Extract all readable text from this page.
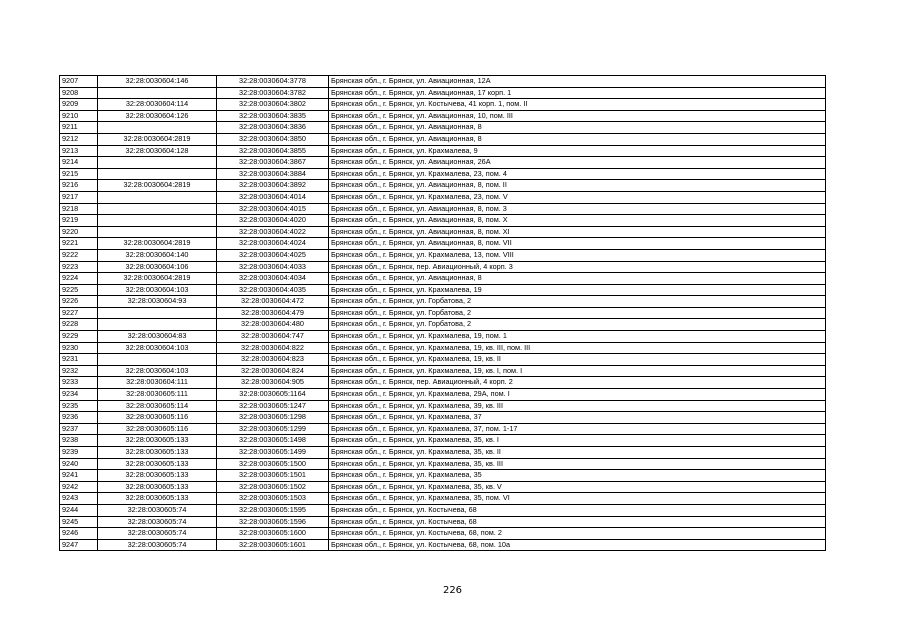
9207	32:28:0030604:146	32:28:0030604:3778	Брянская обл., г. Брянск, ул. Авиационная, 12А
9208		32:28:0030604:3782	Брянская обл., г. Брянск, ул. Авиационная, 17 корп. 1
9209	32:28:0030604:114	32:28:0030604:3802	Брянская обл., г. Брянск, ул. Костычева, 41 корп. 1, пом. II
9210	32:28:0030604:126	32:28:0030604:3835	Брянская обл., г. Брянск, ул. Авиационная, 10, пом. III
9211		32:28:0030604:3836	Брянская обл., г. Брянск, ул. Авиационная, 8
9212	32:28:0030604:2819	32:28:0030604:3850	Брянская обл., г. Брянск, ул. Авиационная, 8
9213	32:28:0030604:128	32:28:0030604:3855	Брянская обл., г. Брянск, ул. Крахмалева, 9
9214		32:28:0030604:3867	Брянская обл., г. Брянск, ул. Авиационная, 26А
9215		32:28:0030604:3884	Брянская обл., г. Брянск, ул. Крахмалева, 23, пом. 4
9216	32:28:0030604:2819	32:28:0030604:3892	Брянская обл., г. Брянск, ул. Авиационная, 8, пом. II
9217		32:28:0030604:4014	Брянская обл., г. Брянск, ул. Крахмалева, 23, пом. V
9218		32:28:0030604:4015	Брянская обл., г. Брянск, ул. Авиационная, 8, пом. 3
9219		32:28:0030604:4020	Брянская обл., г. Брянск, ул. Авиационная, 8, пом. X
9220		32:28:0030604:4022	Брянская обл., г. Брянск, ул. Авиационная, 8, пом. XI
9221	32:28:0030604:2819	32:28:0030604:4024	Брянская обл., г. Брянск, ул. Авиационная, 8, пом. VII
9222	32:28:0030604:140	32:28:0030604:4025	Брянская обл., г. Брянск, ул. Крахмалева, 13, пом. VIII
9223	32:28:0030604:106	32:28:0030604:4033	Брянская обл., г. Брянск, пер. Авиационный, 4 корп. 3
9224	32:28:0030604:2819	32:28:0030604:4034	Брянская обл., г. Брянск, ул. Авиационная, 8
9225	32:28:0030604:103	32:28:0030604:4035	Брянская обл., г. Брянск, ул. Крахмалева, 19
9226	32:28:0030604:93	32:28:0030604:472	Брянская обл., г. Брянск, ул. Горбатова, 2
9227		32:28:0030604:479	Брянская обл., г. Брянск, ул. Горбатова, 2
9228		32:28:0030604:480	Брянская обл., г. Брянск, ул. Горбатова, 2
9229	32:28:0030604:83	32:28:0030604:747	Брянская обл., г. Брянск, ул. Крахмалева, 19, пом. 1
9230	32:28:0030604:103	32:28:0030604:822	Брянская обл., г. Брянск, ул. Крахмалева, 19, кв. III, пом. III
9231		32:28:0030604:823	Брянская обл., г. Брянск, ул. Крахмалева, 19, кв. II
9232	32:28:0030604:103	32:28:0030604:824	Брянская обл., г. Брянск, ул. Крахмалева, 19, кв. I, пом. I
9233	32:28:0030604:111	32:28:0030604:905	Брянская обл., г. Брянск, пер. Авиационный, 4 корп. 2
9234	32:28:0030605:111	32:28:0030605:1164	Брянская обл., г. Брянск, ул. Крахмалева, 29А, пом. I
9235	32:28:0030605:114	32:28:0030605:1247	Брянская обл., г. Брянск, ул. Крахмалева, 39, кв. III
9236	32:28:0030605:116	32:28:0030605:1298	Брянская обл., г. Брянск, ул. Крахмалева, 37
9237	32:28:0030605:116	32:28:0030605:1299	Брянская обл., г. Брянск, ул. Крахмалева, 37, пом. 1-17
9238	32:28:0030605:133	32:28:0030605:1498	Брянская обл., г. Брянск, ул. Крахмалева, 35, кв. I
9239	32:28:0030605:133	32:28:0030605:1499	Брянская обл., г. Брянск, ул. Крахмалева, 35, кв. II
9240	32:28:0030605:133	32:28:0030605:1500	Брянская обл., г. Брянск, ул. Крахмалева, 35, кв. III
9241	32:28:0030605:133	32:28:0030605:1501	Брянская обл., г. Брянск, ул. Крахмалева, 35
9242	32:28:0030605:133	32:28:0030605:1502	Брянская обл., г. Брянск, ул. Крахмалева, 35, кв. V
9243	32:28:0030605:133	32:28:0030605:1503	Брянская обл., г. Брянск, ул. Крахмалева, 35, пом. VI
9244	32:28:0030605:74	32:28:0030605:1595	Брянская обл., г. Брянск, ул. Костычева, 68
9245	32:28:0030605:74	32:28:0030605:1596	Брянская обл., г. Брянск, ул. Костычева, 68
9246	32:28:0030605:74	32:28:0030605:1600	Брянская обл., г. Брянск, ул. Костычева, 68, пом. 2
9247	32:28:0030605:74	32:28:0030605:1601	Брянская обл., г. Брянск, ул. Костычева, 68, пом. 10а
226
